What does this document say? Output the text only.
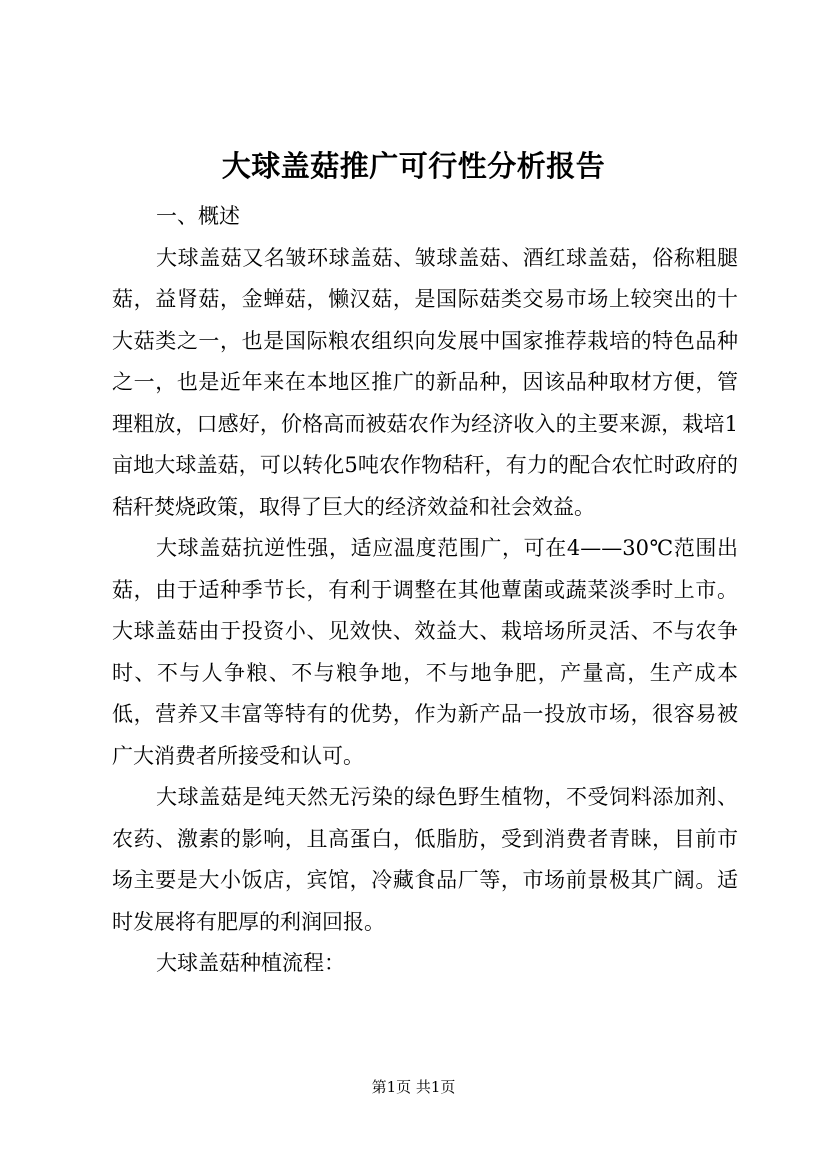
大球盖菇推广可行性分析报告

一、概述

大球盖菇又名皱环球盖菇、皱球盖菇、酒红球盖菇，俗称粗腿菇，益肾菇，金蝉菇，懒汉菇，是国际菇类交易市场上较突出的十大菇类之一，也是国际粮农组织向发展中国家推荐栽培的特色品种之一，也是近年来在本地区推广的新品种，因该品种取材方便，管理粗放，口感好，价格高而被菇农作为经济收入的主要来源，栽培1亩地大球盖菇，可以转化5吨农作物秸秆，有力的配合农忙时政府的秸秆焚烧政策，取得了巨大的经济效益和社会效益。

大球盖菇抗逆性强，适应温度范围广，可在4——30℃范围出菇，由于适种季节长，有利于调整在其他蕈菌或蔬菜淡季时上市。大球盖菇由于投资小、见效快、效益大、栽培场所灵活、不与农争时、不与人争粮、不与粮争地，不与地争肥，产量高，生产成本低，营养又丰富等特有的优势，作为新产品一投放市场，很容易被广大消费者所接受和认可。

大球盖菇是纯天然无污染的绿色野生植物，不受饲料添加剂、农药、激素的影响，且高蛋白，低脂肪，受到消费者青睐，目前市场主要是大小饭店，宾馆，冷藏食品厂等，市场前景极其广阔。适时发展将有肥厚的利润回报。

大球盖菇种植流程：

第1页 共1页
